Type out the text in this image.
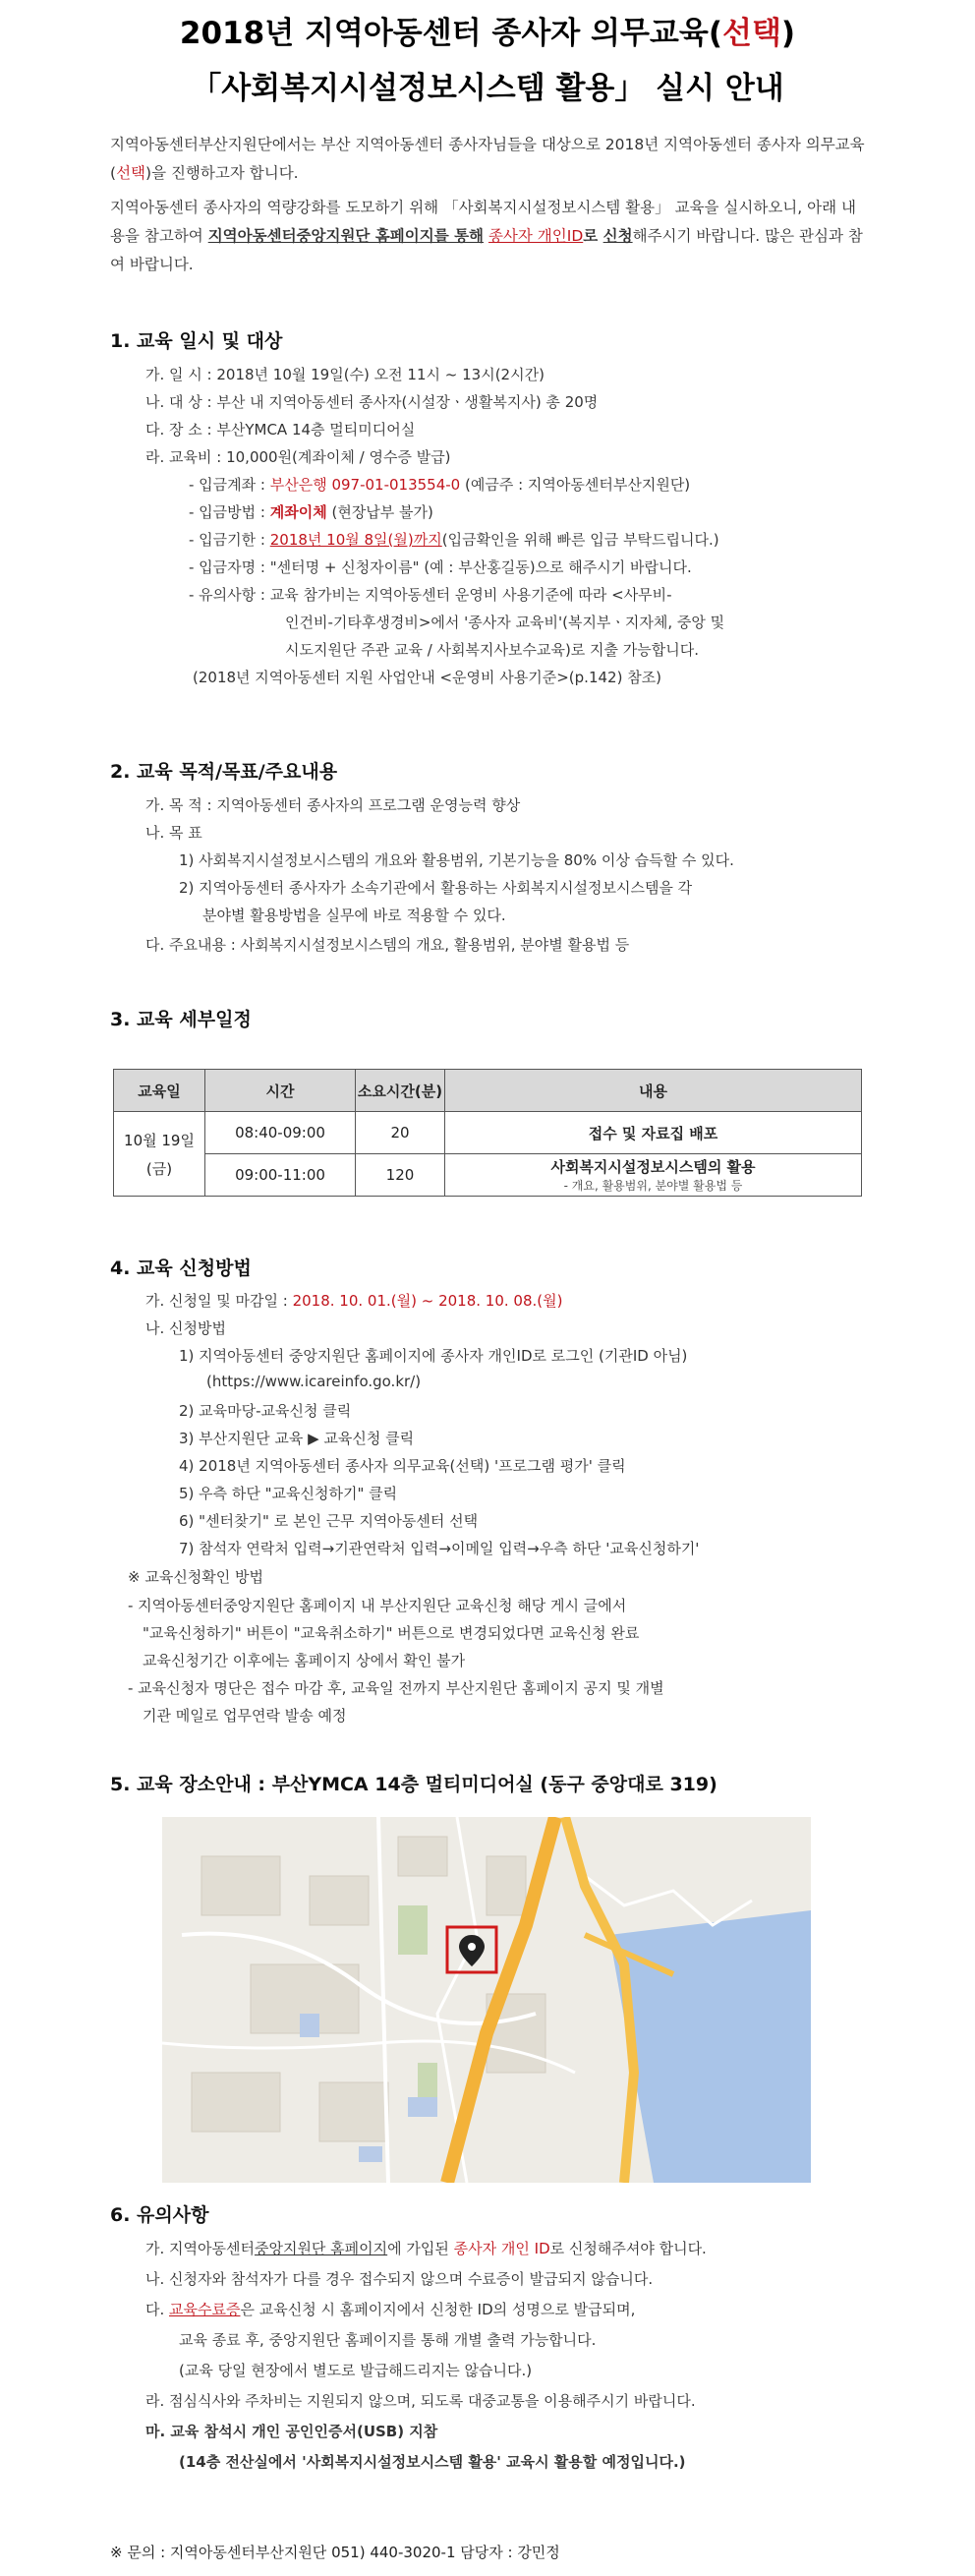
2018년 지역아동센터 종사자 의무교육(선택)
「사회복지시설정보시스템 활용」 실시 안내
지역아동센터부산지원단에서는 부산 지역아동센터 종사자님들을 대상으로 2018년 지역아동센터 종사자 의무교육(선택)을 진행하고자 합니다.
지역아동센터 종사자의 역량강화를 도모하기 위해 「사회복지시설정보시스템 활용」 교육을 실시하오니, 아래 내용을 참고하여 지역아동센터중앙지원단 홈페이지를 통해 종사자 개인ID로 신청해주시기 바랍니다. 많은 관심과 참여 바랍니다.
1. 교육 일시 및 대상
가. 일 시 : 2018년 10월 19일(수) 오전 11시 ~ 13시(2시간)
나. 대 상 : 부산 내 지역아동센터 종사자(시설장ㆍ생활복지사) 총 20명
다. 장 소 : 부산YMCA 14층 멀티미디어실
라. 교육비 : 10,000원(계좌이체 / 영수증 발급)
- 입금계좌 : 부산은행 097-01-013554-0 (예금주 : 지역아동센터부산지원단)
- 입금방법 : 계좌이체 (현장납부 불가)
- 입금기한 : 2018년 10월 8일(월)까지(입금확인을 위해 빠른 입금 부탁드립니다.)
- 입금자명 : "센터명 + 신청자이름" (예 : 부산홍길동)으로 해주시기 바랍니다.
- 유의사항 : 교육 참가비는 지역아동센터 운영비 사용기준에 따라 <사무비-
인건비-기타후생경비>에서 '종사자 교육비'(복지부ㆍ지자체, 중앙 및
시도지원단 주관 교육 / 사회복지사보수교육)로 지출 가능합니다.
(2018년 지역아동센터 지원 사업안내 <운영비 사용기준>(p.142) 참조)
2. 교육 목적/목표/주요내용
가. 목 적 : 지역아동센터 종사자의 프로그램 운영능력 향상
나. 목 표
1) 사회복지시설정보시스템의 개요와 활용범위, 기본기능을 80% 이상 습득할 수 있다.
2) 지역아동센터 종사자가 소속기관에서 활용하는 사회복지시설정보시스템을 각
분야별 활용방법을 실무에 바로 적용할 수 있다.
다. 주요내용 : 사회복지시설정보시스템의 개요, 활용범위, 분야별 활용법 등
3. 교육 세부일정
교육일	시간	소요시간(분)	내용

10월 19일
(금)	08:40-09:00	20	접수 및 자료집 배포
	09:00-11:00	120	사회복지시설정보시스템의 활용
- 개요, 활용범위, 분야별 활용법 등
4. 교육 신청방법
가. 신청일 및 마감일 : 2018. 10. 01.(월) ~ 2018. 10. 08.(월)
나. 신청방법
1) 지역아동센터 중앙지원단 홈페이지에 종사자 개인ID로 로그인 (기관ID 아님)
(https://www.icareinfo.go.kr/)
2) 교육마당-교육신청 클릭
3) 부산지원단 교육 ▶ 교육신청 클릭
4) 2018년 지역아동센터 종사자 의무교육(선택) '프로그램 평가' 클릭
5) 우측 하단 "교육신청하기" 클릭
6) "센터찾기" 로 본인 근무 지역아동센터 선택
7) 참석자 연락처 입력→기관연락처 입력→이메일 입력→우측 하단 '교육신청하기'
※ 교육신청확인 방법
- 지역아동센터중앙지원단 홈페이지 내 부산지원단 교육신청 해당 게시 글에서
"교육신청하기" 버튼이 "교육취소하기" 버튼으로 변경되었다면 교육신청 완료
교육신청기간 이후에는 홈페이지 상에서 확인 불가
- 교육신청자 명단은 접수 마감 후, 교육일 전까지 부산지원단 홈페이지 공지 및 개별
기관 메일로 업무연락 발송 예정
5. 교육 장소안내 : 부산YMCA 14층 멀티미디어실 (동구 중앙대로 319)
6. 유의사항
가. 지역아동센터중앙지원단 홈페이지에 가입된 종사자 개인 ID로 신청해주셔야 합니다.
나. 신청자와 참석자가 다를 경우 접수되지 않으며 수료증이 발급되지 않습니다.
다. 교육수료증은 교육신청 시 홈페이지에서 신청한 ID의 성명으로 발급되며,
교육 종료 후, 중앙지원단 홈페이지를 통해 개별 출력 가능합니다.
(교육 당일 현장에서 별도로 발급해드리지는 않습니다.)
라. 점심식사와 주차비는 지원되지 않으며, 되도록 대중교통을 이용해주시기 바랍니다.
마. 교육 참석시 개인 공인인증서(USB) 지참
(14층 전산실에서 '사회복지시설정보시스템 활용' 교육시 활용할 예정입니다.)
※ 문의 : 지역아동센터부산지원단 051) 440-3020-1 담당자 : 강민정
